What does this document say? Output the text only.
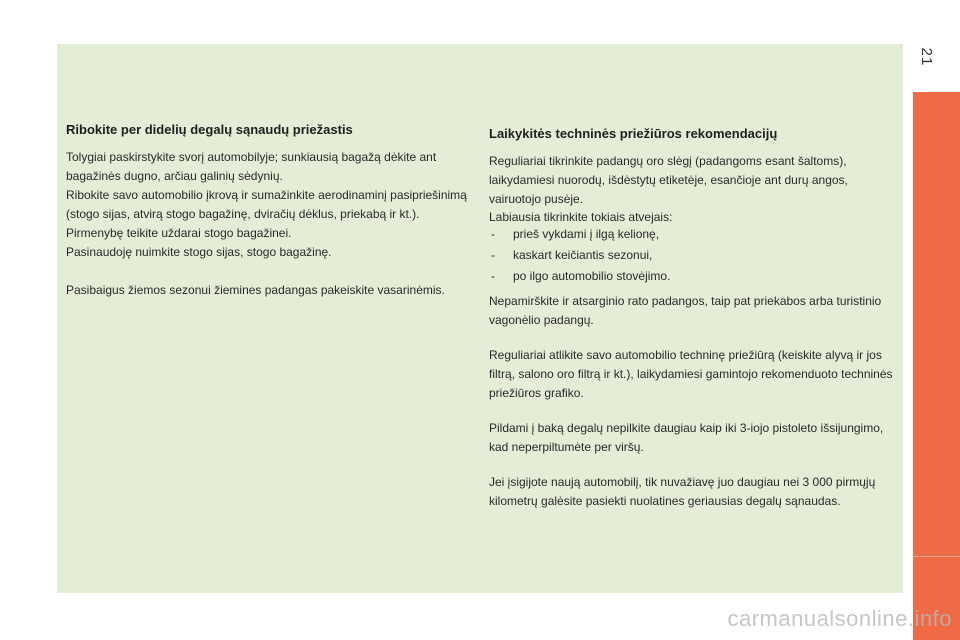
Ribokite per didelių degalų sąnaudų priežastis

Tolygiai paskirstykite svorį automobilyje; sunkiausią bagažą dėkite ant bagažinės dugno, arčiau galinių sėdynių.

Ribokite savo automobilio įkrovą ir sumažinkite aerodinaminį pasipriešinimą (stogo sijas, atvirą stogo bagažinę, dviračių dėklus, priekabą ir kt.). Pirmenybę teikite uždarai stogo bagažinei.

Pasinaudoję nuimkite stogo sijas, stogo bagažinę.

Pasibaigus žiemos sezonui žiemines padangas pakeiskite vasarinėmis.

Laikykitės techninės priežiūros rekomendacijų

Reguliariai tikrinkite padangų oro slėgį (padangoms esant šaltoms), laikydamiesi nuorodų, išdėstytų etiketėje, esančioje ant durų angos, vairuotojo pusėje.

Labiausia tikrinkite tokiais atvejais:

- prieš vykdami į ilgą kelionę,
- kaskart keičiantis sezonui,
- po ilgo automobilio stovėjimo.

Nepamirškite ir atsarginio rato padangos, taip pat priekabos arba turistinio vagonėlio padangų.

Reguliariai atlikite savo automobilio techninę priežiūrą (keiskite alyvą ir jos filtrą, salono oro filtrą ir kt.), laikydamiesi gamintojo rekomenduoto techninės priežiūros grafiko.

Pildami į baką degalų nepilkite daugiau kaip iki 3-iojo pistoleto išsijungimo, kad neperpiltumėte per viršų.

Jei įsigijote naują automobilį, tik nuvažiavę juo daugiau nei 3 000 pirmųjų kilometrų galėsite pasiekti nuolatines geriausias degalų sąnaudas.

21
carmanualsonline.info
